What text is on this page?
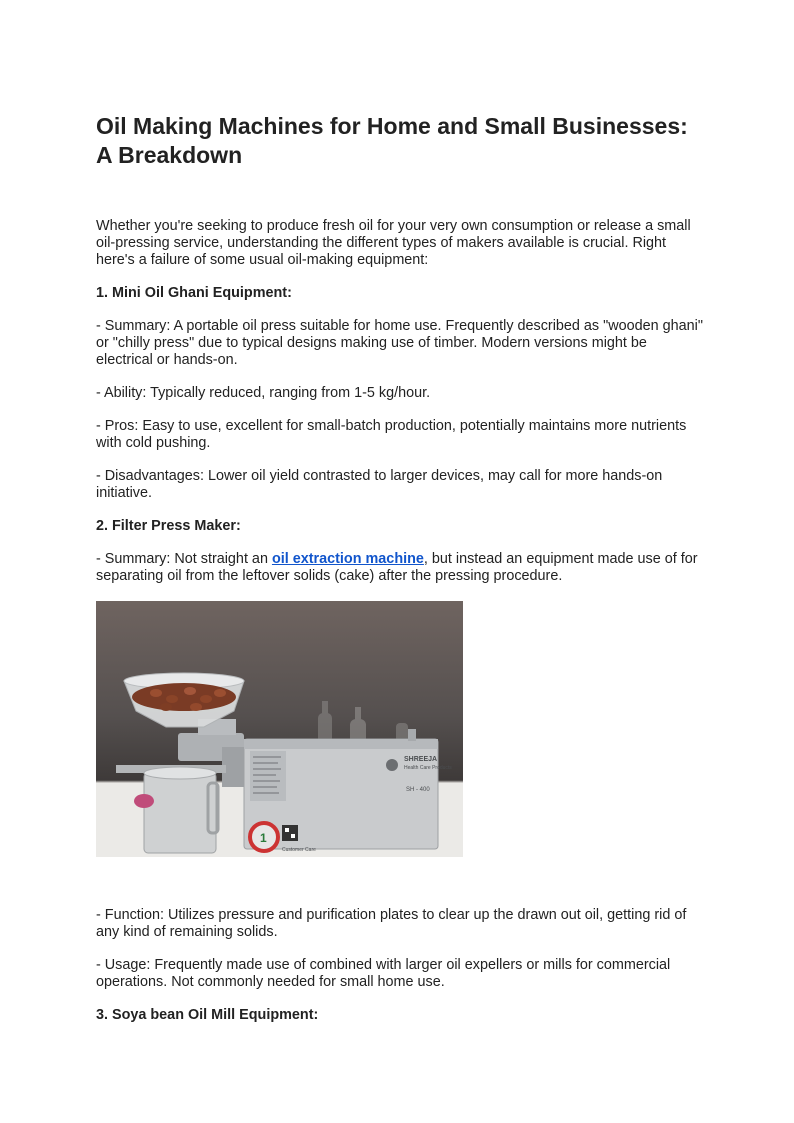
Oil Making Machines for Home and Small Businesses: A Breakdown

Whether you're seeking to produce fresh oil for your very own consumption or release a small oil-pressing service, understanding the different types of makers available is crucial. Right here's a failure of some usual oil-making equipment:

1. Mini Oil Ghani Equipment:

- Summary: A portable oil press suitable for home use. Frequently described as "wooden ghani" or "chilly press" due to typical designs making use of timber. Modern versions might be electrical or hands-on.

- Ability: Typically reduced, ranging from 1-5 kg/hour.

- Pros: Easy to use, excellent for small-batch production, potentially maintains more nutrients with cold pushing.

- Disadvantages: Lower oil yield contrasted to larger devices, may call for more hands-on initiative.

2. Filter Press Maker:

- Summary: Not straight an oil extraction machine, but instead an equipment made use of for separating oil from the leftover solids (cake) after the pressing procedure.

SHREEJA
Health Care Products
SH - 400
Customer Care
1

- Function: Utilizes pressure and purification plates to clear up the drawn out oil, getting rid of any kind of remaining solids.

- Usage: Frequently made use of combined with larger oil expellers or mills for commercial operations. Not commonly needed for small home use.

3. Soya bean Oil Mill Equipment:
